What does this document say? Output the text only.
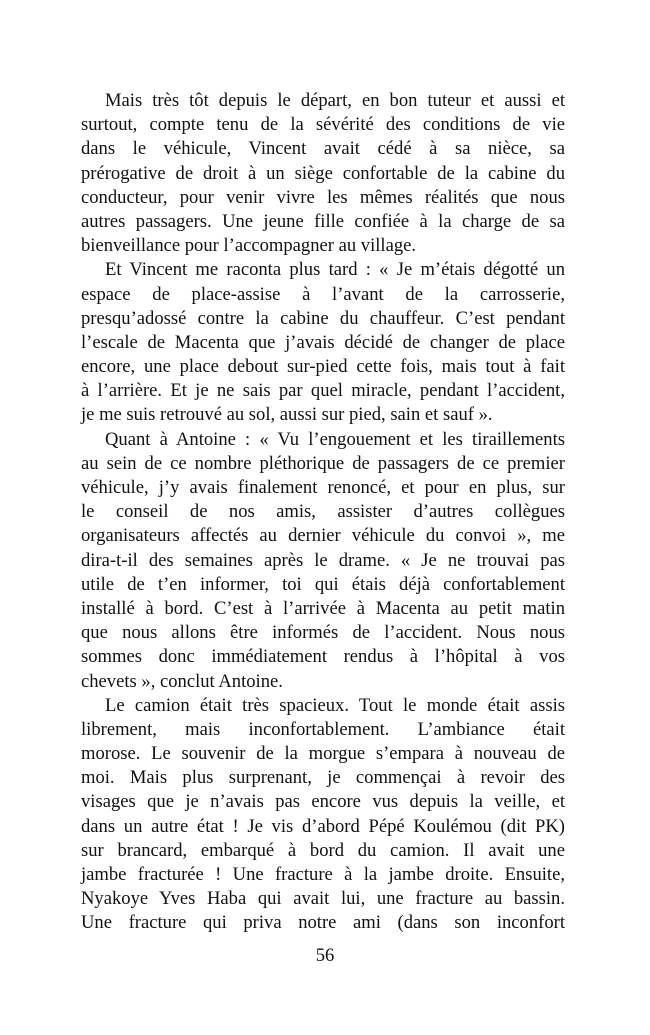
Mais très tôt depuis le départ, en bon tuteur et aussi et
surtout, compte tenu de la sévérité des conditions de vie
dans le véhicule, Vincent avait cédé à sa nièce, sa
prérogative de droit à un siège confortable de la cabine du
conducteur, pour venir vivre les mêmes réalités que nous
autres passagers. Une jeune fille confiée à la charge de sa
bienveillance pour l’accompagner au village.
Et Vincent me raconta plus tard : « Je m’étais dégotté un
espace de place-assise à l’avant de la carrosserie,
presqu’adossé contre la cabine du chauffeur. C’est pendant
l’escale de Macenta que j’avais décidé de changer de place
encore, une place debout sur-pied cette fois, mais tout à fait
à l’arrière. Et je ne sais par quel miracle, pendant l’accident,
je me suis retrouvé au sol, aussi sur pied, sain et sauf ».
Quant à Antoine : « Vu l’engouement et les tiraillements
au sein de ce nombre pléthorique de passagers de ce premier
véhicule, j’y avais finalement renoncé, et pour en plus, sur
le conseil de nos amis, assister d’autres collègues
organisateurs affectés au dernier véhicule du convoi », me
dira-t-il des semaines après le drame. « Je ne trouvai pas
utile de t’en informer, toi qui étais déjà confortablement
installé à bord. C’est à l’arrivée à Macenta au petit matin
que nous allons être informés de l’accident. Nous nous
sommes donc immédiatement rendus à l’hôpital à vos
chevets », conclut Antoine.
Le camion était très spacieux. Tout le monde était assis
librement, mais inconfortablement. L’ambiance était
morose. Le souvenir de la morgue s’empara à nouveau de
moi. Mais plus surprenant, je commençai à revoir des
visages que je n’avais pas encore vus depuis la veille, et
dans un autre état ! Je vis d’abord Pépé Koulémou (dit PK)
sur brancard, embarqué à bord du camion. Il avait une
jambe fracturée ! Une fracture à la jambe droite. Ensuite,
Nyakoye Yves Haba qui avait lui, une fracture au bassin.
Une fracture qui priva notre ami (dans son inconfort
56
